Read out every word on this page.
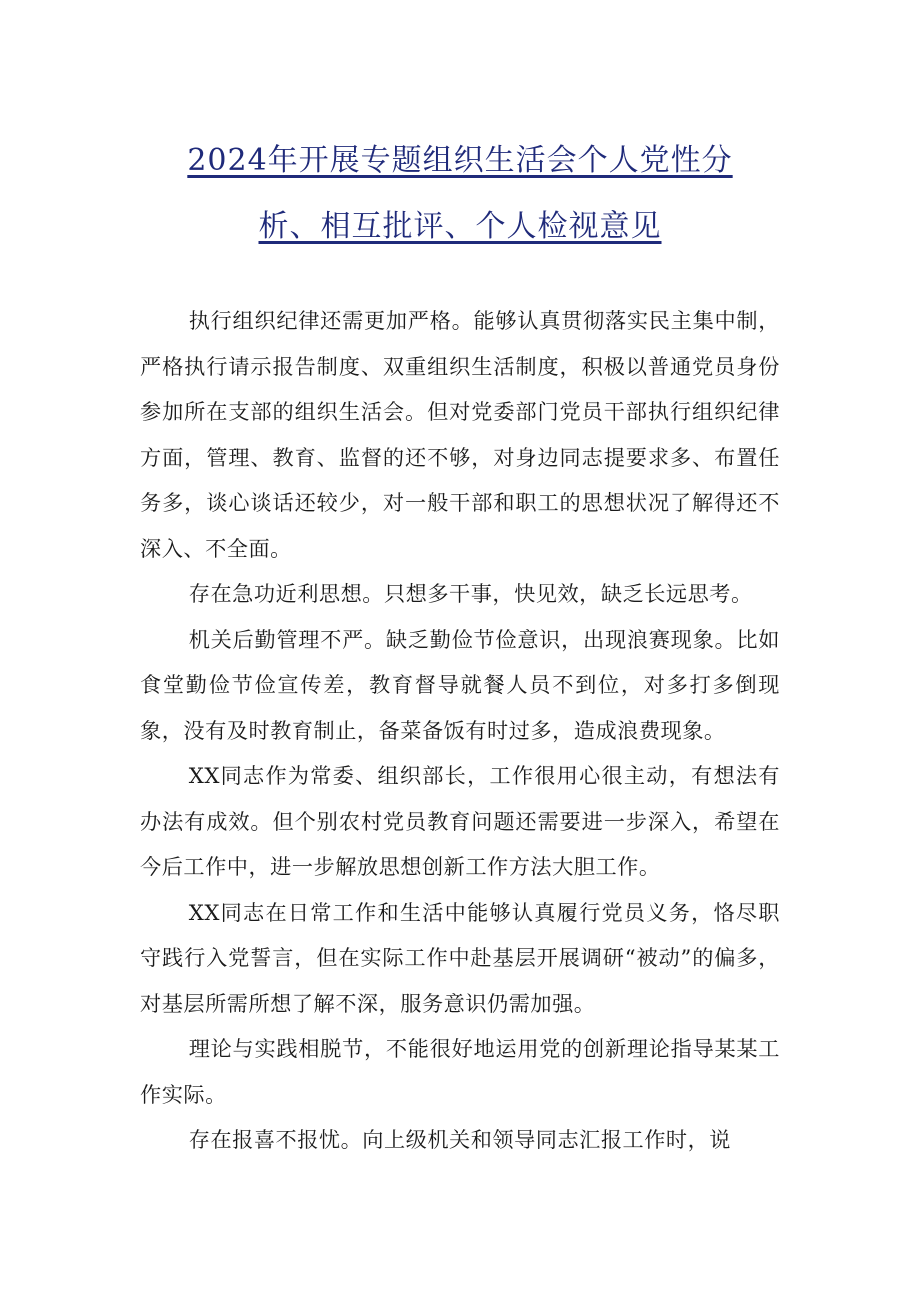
2024年开展专题组织生活会个人党性分
析、相互批评、个人检视意见

执行组织纪律还需更加严格。能够认真贯彻落实民主集中制，严格执行请示报告制度、双重组织生活制度，积极以普通党员身份参加所在支部的组织生活会。但对党委部门党员干部执行组织纪律方面，管理、教育、监督的还不够，对身边同志提要求多、布置任务多，谈心谈话还较少，对一般干部和职工的思想状况了解得还不深入、不全面。

存在急功近利思想。只想多干事，快见效，缺乏长远思考。

机关后勤管理不严。缺乏勤俭节俭意识，出现浪赛现象。比如食堂勤俭节俭宣传差，教育督导就餐人员不到位，对多打多倒现象，没有及时教育制止，备菜备饭有时过多，造成浪费现象。

XX同志作为常委、组织部长，工作很用心很主动，有想法有办法有成效。但个别农村党员教育问题还需要进一步深入，希望在今后工作中，进一步解放思想创新工作方法大胆工作。

XX同志在日常工作和生活中能够认真履行党员义务，恪尽职守践行入党誓言，但在实际工作中赴基层开展调研“被动”的偏多，对基层所需所想了解不深，服务意识仍需加强。

理论与实践相脱节，不能很好地运用党的创新理论指导某某工作实际。

存在报喜不报忧。向上级机关和领导同志汇报工作时，说
